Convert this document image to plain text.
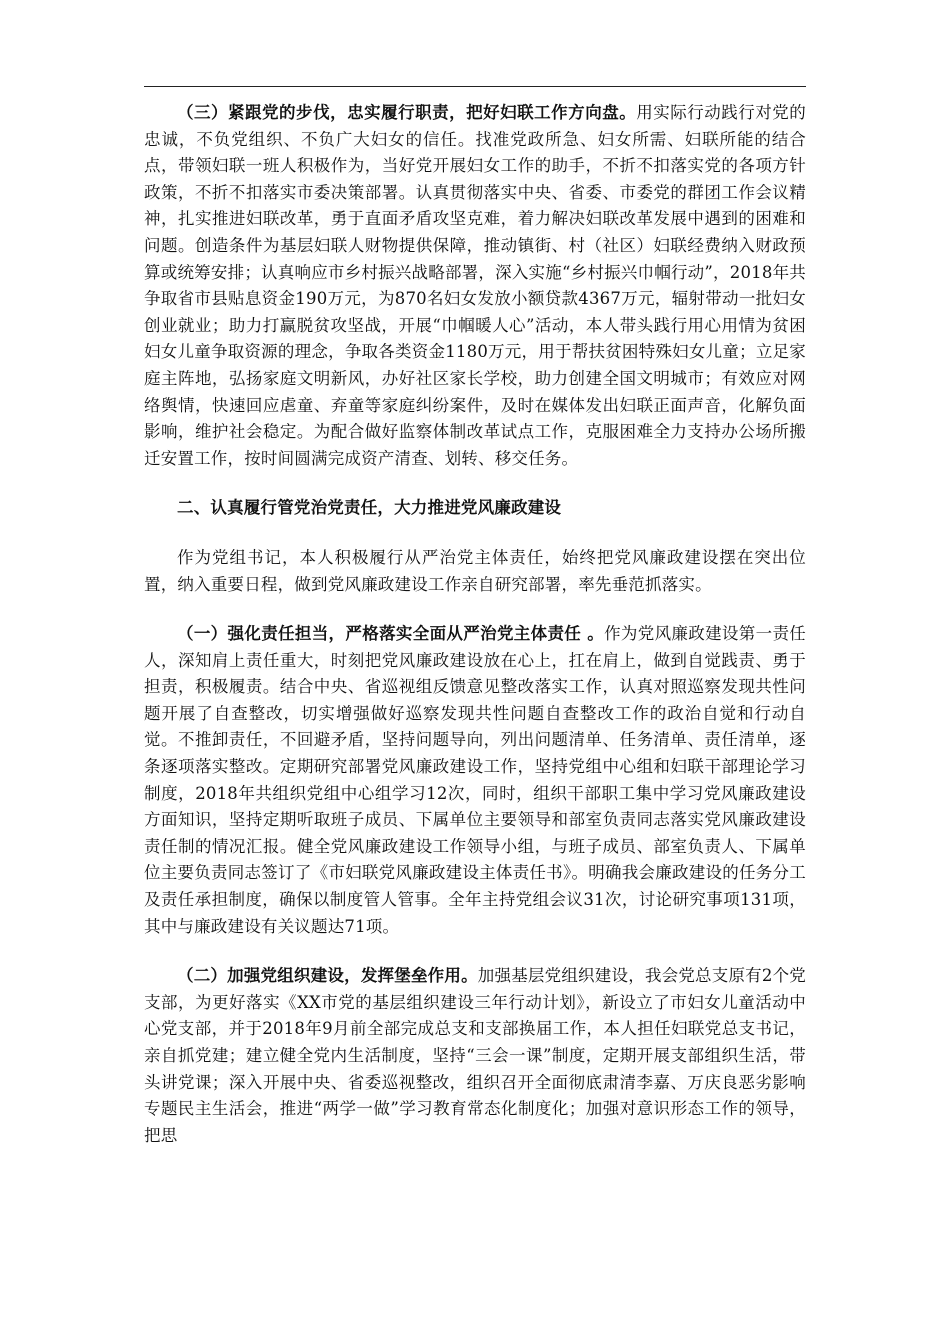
（三）紧跟党的步伐，忠实履行职责，把好妇联工作方向盘。用实际行动践行对党的忠诚，不负党组织、不负广大妇女的信任。找准党政所急、妇女所需、妇联所能的结合点，带领妇联一班人积极作为，当好党开展妇女工作的助手，不折不扣落实党的各项方针政策，不折不扣落实市委决策部署。认真贯彻落实中央、省委、市委党的群团工作会议精神，扎实推进妇联改革，勇于直面矛盾攻坚克难，着力解决妇联改革发展中遇到的困难和问题。创造条件为基层妇联人财物提供保障，推动镇街、村（社区）妇联经费纳入财政预算或统筹安排；认真响应市乡村振兴战略部署，深入实施“乡村振兴巾帼行动”，2018年共争取省市县贴息资金190万元，为870名妇女发放小额贷款4367万元，辐射带动一批妇女创业就业；助力打赢脱贫攻坚战，开展“巾帼暖人心”活动，本人带头践行用心用情为贫困妇女儿童争取资源的理念，争取各类资金1180万元，用于帮扶贫困特殊妇女儿童；立足家庭主阵地，弘扬家庭文明新风，办好社区家长学校，助力创建全国文明城市；有效应对网络舆情，快速回应虐童、弃童等家庭纠纷案件，及时在媒体发出妇联正面声音，化解负面影响，维护社会稳定。为配合做好监察体制改革试点工作，克服困难全力支持办公场所搬迁安置工作，按时间圆满完成资产清查、划转、移交任务。

二、认真履行管党治党责任，大力推进党风廉政建设

作为党组书记，本人积极履行从严治党主体责任，始终把党风廉政建设摆在突出位置，纳入重要日程，做到党风廉政建设工作亲自研究部署，率先垂范抓落实。

（一）强化责任担当，严格落实全面从严治党主体责任 。作为党风廉政建设第一责任人，深知肩上责任重大，时刻把党风廉政建设放在心上，扛在肩上，做到自觉践责、勇于担责，积极履责。结合中央、省巡视组反馈意见整改落实工作，认真对照巡察发现共性问题开展了自查整改，切实增强做好巡察发现共性问题自查整改工作的政治自觉和行动自觉。不推卸责任，不回避矛盾，坚持问题导向，列出问题清单、任务清单、责任清单，逐条逐项落实整改。定期研究部署党风廉政建设工作，坚持党组中心组和妇联干部理论学习制度，2018年共组织党组中心组学习12次，同时，组织干部职工集中学习党风廉政建设方面知识，坚持定期听取班子成员、下属单位主要领导和部室负责同志落实党风廉政建设责任制的情况汇报。健全党风廉政建设工作领导小组，与班子成员、部室负责人、下属单位主要负责同志签订了《市妇联党风廉政建设主体责任书》。明确我会廉政建设的任务分工及责任承担制度，确保以制度管人管事。全年主持党组会议31次，讨论研究事项131项，其中与廉政建设有关议题达71项。

（二）加强党组织建设，发挥堡垒作用。加强基层党组织建设，我会党总支原有2个党支部，为更好落实《XX市党的基层组织建设三年行动计划》，新设立了市妇女儿童活动中心党支部，并于2018年9月前全部完成总支和支部换届工作，本人担任妇联党总支书记，亲自抓党建；建立健全党内生活制度，坚持“三会一课”制度，定期开展支部组织生活，带头讲党课；深入开展中央、省委巡视整改，组织召开全面彻底肃清李嘉、万庆良恶劣影响专题民主生活会，推进“两学一做”学习教育常态化制度化；加强对意识形态工作的领导，把思
